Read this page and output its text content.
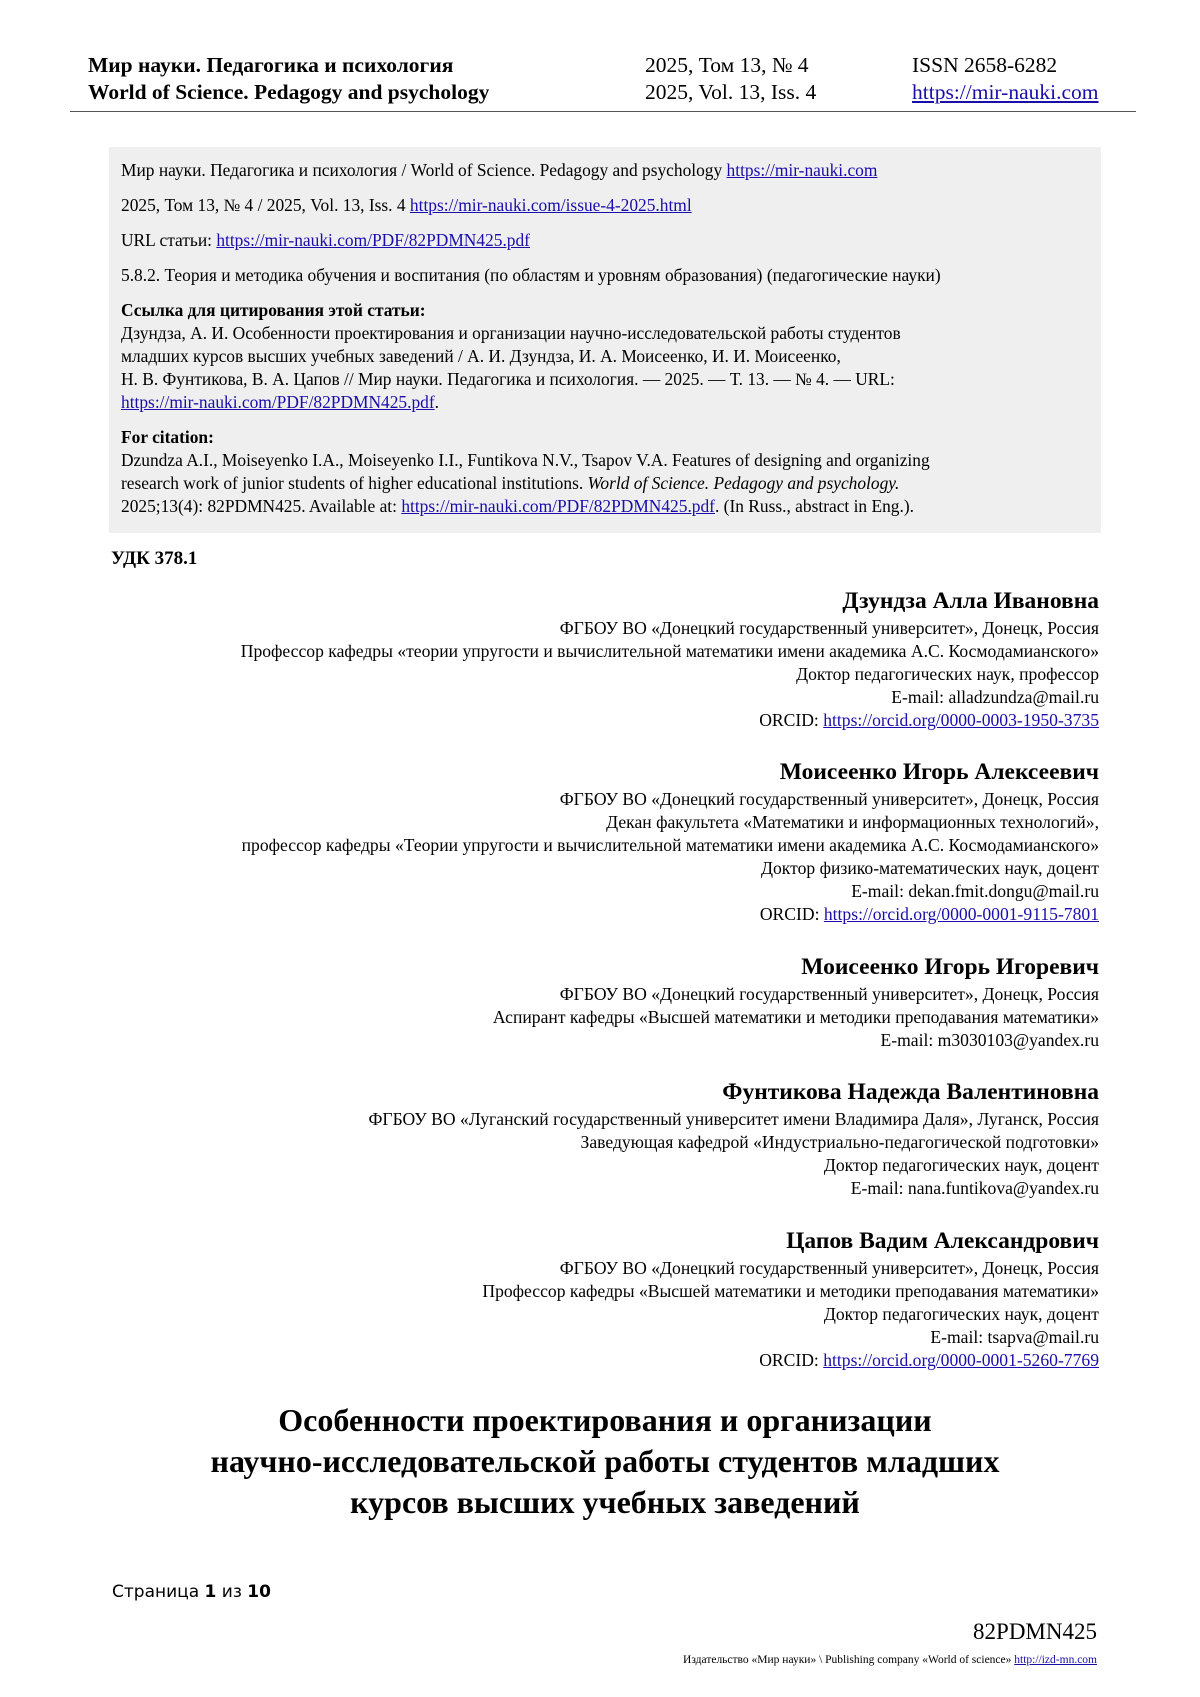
Мир науки. Педагогика и психология
World of Science. Pedagogy and psychology
2025, Том 13, № 4
2025, Vol. 13, Iss. 4
ISSN 2658-6282
https://mir-nauki.com

Мир науки. Педагогика и психология / World of Science. Pedagogy and psychology https://mir-nauki.com

2025, Том 13, № 4 / 2025, Vol. 13, Iss. 4 https://mir-nauki.com/issue-4-2025.html

URL статьи: https://mir-nauki.com/PDF/82PDMN425.pdf

5.8.2. Теория и методика обучения и воспитания (по областям и уровням образования) (педагогические науки)

Ссылка для цитирования этой статьи:

Дзундза, А. И. Особенности проектирования и организации научно-исследовательской работы студентов
младших курсов высших учебных заведений / А. И. Дзундза, И. А. Моисеенко, И. И. Моисеенко,
Н. В. Фунтикова, В. А. Цапов // Мир науки. Педагогика и психология. — 2025. — Т. 13. — № 4. — URL:
https://mir-nauki.com/PDF/82PDMN425.pdf.

For citation:

Dzundza A.I., Moiseyenko I.A., Moiseyenko I.I., Funtikova N.V., Tsapov V.A. Features of designing and organizing
research work of junior students of higher educational institutions. World of Science. Pedagogy and psychology.
2025;13(4): 82PDMN425. Available at: https://mir-nauki.com/PDF/82PDMN425.pdf. (In Russ., abstract in Eng.).

УДК 378.1
Дзундза Алла Ивановна
ФГБОУ ВО «Донецкий государственный университет», Донецк, Россия
Профессор кафедры «теории упругости и вычислительной математики имени академика А.С. Космодамианского»
Доктор педагогических наук, профессор
E-mail: alladzundza@mail.ru
ORCID: https://orcid.org/0000-0003-1950-3735
Моисеенко Игорь Алексеевич
ФГБОУ ВО «Донецкий государственный университет», Донецк, Россия
Декан факультета «Математики и информационных технологий»,
профессор кафедры «Теории упругости и вычислительной математики имени академика А.С. Космодамианского»
Доктор физико-математических наук, доцент
E-mail: dekan.fmit.dongu@mail.ru
ORCID: https://orcid.org/0000-0001-9115-7801
Моисеенко Игорь Игоревич
ФГБОУ ВО «Донецкий государственный университет», Донецк, Россия
Аспирант кафедры «Высшей математики и методики преподавания математики»
E-mail: m3030103@yandex.ru
Фунтикова Надежда Валентиновна
ФГБОУ ВО «Луганский государственный университет имени Владимира Даля», Луганск, Россия
Заведующая кафедрой «Индустриально-педагогической подготовки»
Доктор педагогических наук, доцент
E-mail: nana.funtikova@yandex.ru
Цапов Вадим Александрович
ФГБОУ ВО «Донецкий государственный университет», Донецк, Россия
Профессор кафедры «Высшей математики и методики преподавания математики»
Доктор педагогических наук, доцент
E-mail: tsapva@mail.ru
ORCID: https://orcid.org/0000-0001-5260-7769
Особенности проектирования и организации
научно-исследовательской работы студентов младших
курсов высших учебных заведений
Страница 1 из 10
82PDMN425
Издательство «Мир науки» \ Publishing company «World of science» http://izd-mn.com
